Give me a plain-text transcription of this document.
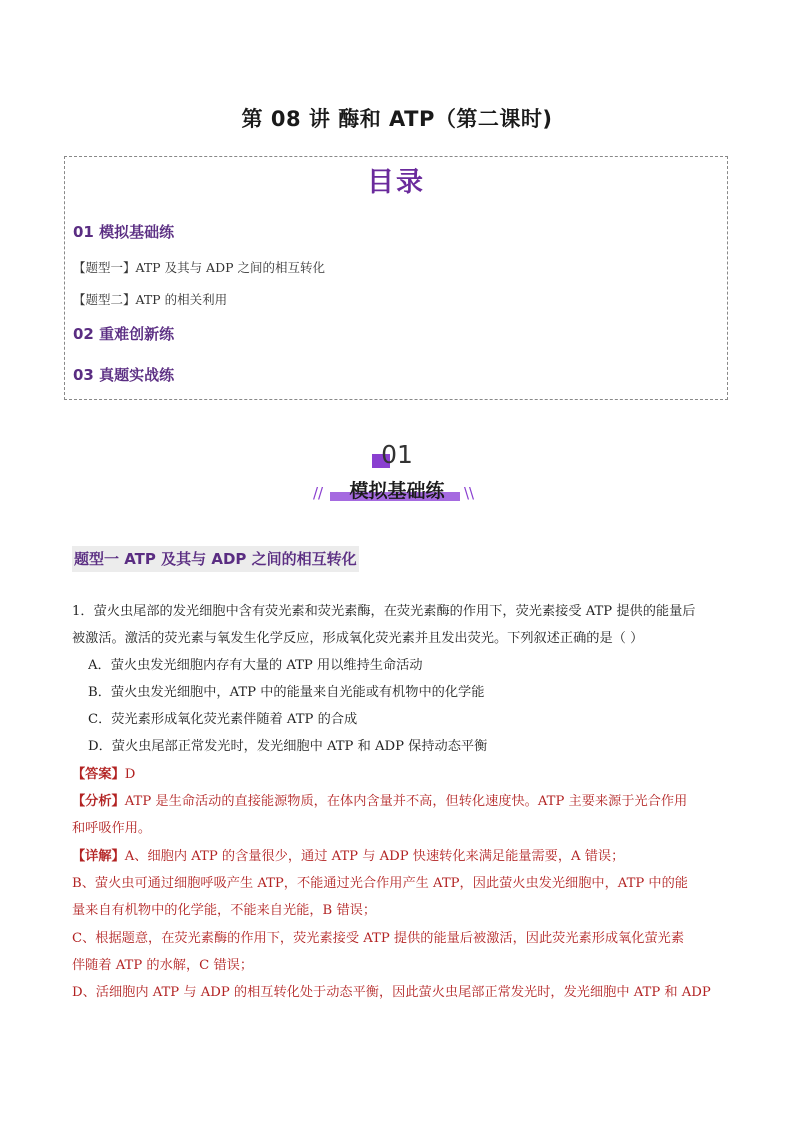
第 08 讲 酶和 ATP（第二课时)
目录
01 模拟基础练
【题型一】ATP 及其与 ADP 之间的相互转化
【题型二】ATP 的相关利用
02 重难创新练
03 真题实战练
01
//	模拟基础练	\\
题型一 ATP 及其与 ADP 之间的相互转化
1．萤火虫尾部的发光细胞中含有荧光素和荧光素酶，在荧光素酶的作用下，荧光素接受 ATP 提供的能量后
被激活。激活的荧光素与氧发生化学反应，形成氧化荧光素并且发出荧光。下列叙述正确的是（ ）
A．萤火虫发光细胞内存有大量的 ATP 用以维持生命活动
B．萤火虫发光细胞中，ATP 中的能量来自光能或有机物中的化学能
C．荧光素形成氧化荧光素伴随着 ATP 的合成
D．萤火虫尾部正常发光时，发光细胞中 ATP 和 ADP 保持动态平衡
【答案】D
【分析】ATP 是生命活动的直接能源物质，在体内含量并不高，但转化速度快。ATP 主要来源于光合作用
和呼吸作用。
【详解】A、细胞内 ATP 的含量很少，通过 ATP 与 ADP 快速转化来满足能量需要，A 错误；
B、萤火虫可通过细胞呼吸产生 ATP，不能通过光合作用产生 ATP，因此萤火虫发光细胞中，ATP 中的能
量来自有机物中的化学能，不能来自光能，B 错误；
C、根据题意，在荧光素酶的作用下，荧光素接受 ATP 提供的能量后被激活，因此荧光素形成氧化萤光素
伴随着 ATP 的水解，C 错误；
D、活细胞内 ATP 与 ADP 的相互转化处于动态平衡，因此萤火虫尾部正常发光时，发光细胞中 ATP 和 ADP
